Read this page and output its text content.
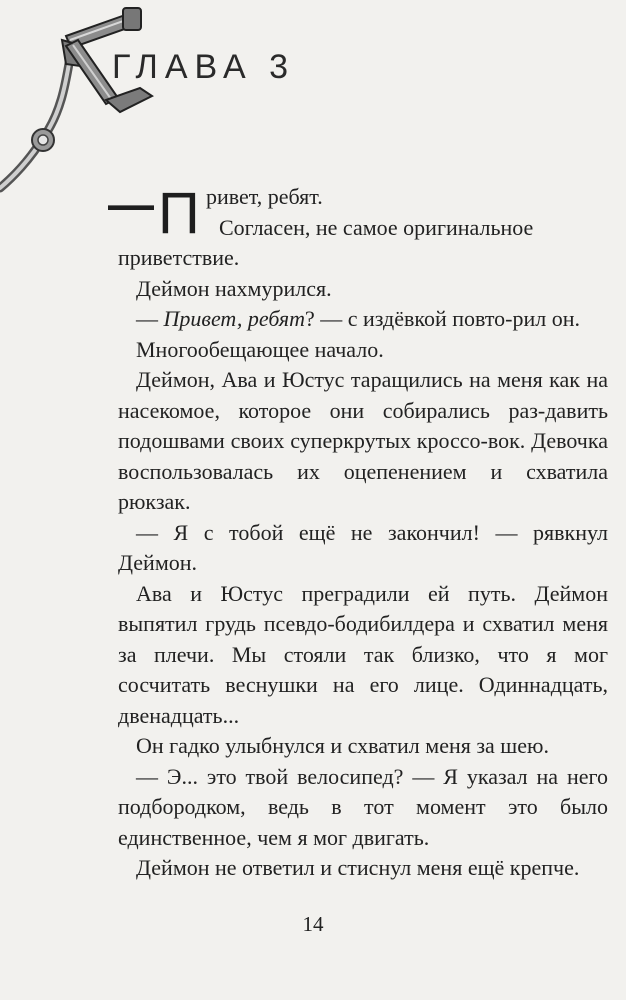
ГЛАВА 3
— П ривет, ребят.
Согласен, не самое оригинальное
приветствие.
Деймон нахмурился.
— Привет, ребят? — с издёвкой повто-рил он.
Многообещающее начало.
Деймон, Ава и Юстус таращились на меня как на насекомое, которое они собирались раз-давить подошвами своих суперкрутых кроссо-вок. Девочка воспользовалась их оцепенением и схватила рюкзак.
— Я с тобой ещё не закончил! — рявкнул Деймон.
Ава и Юстус преградили ей путь. Деймон выпятил грудь псевдо-бодибилдера и схватил меня за плечи. Мы стояли так близко, что я мог сосчитать веснушки на его лице. Одиннадцать, двенадцать...
Он гадко улыбнулся и схватил меня за шею.
— Э... это твой велосипед? — Я указал на него подбородком, ведь в тот момент это было единственное, чем я мог двигать.
Деймон не ответил и стиснул меня ещё крепче.
14
